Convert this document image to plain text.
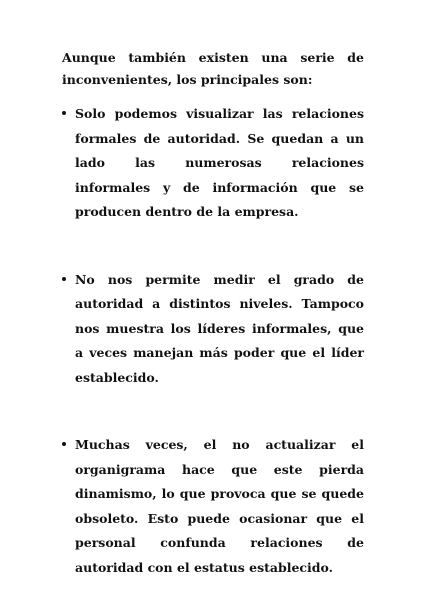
Aunque también existen una serie de inconvenientes, los principales son:

Solo podemos visualizar las relaciones formales de autoridad. Se quedan a un lado las numerosas relaciones informales y de información que se producen dentro de la empresa.

No nos permite medir el grado de autoridad a distintos niveles. Tampoco nos muestra los líderes informales, que a veces manejan más poder que el líder establecido.

Muchas veces, el no actualizar el organigrama hace que este pierda dinamismo, lo que provoca que se quede obsoleto. Esto puede ocasionar que el personal confunda relaciones de autoridad con el estatus establecido.
